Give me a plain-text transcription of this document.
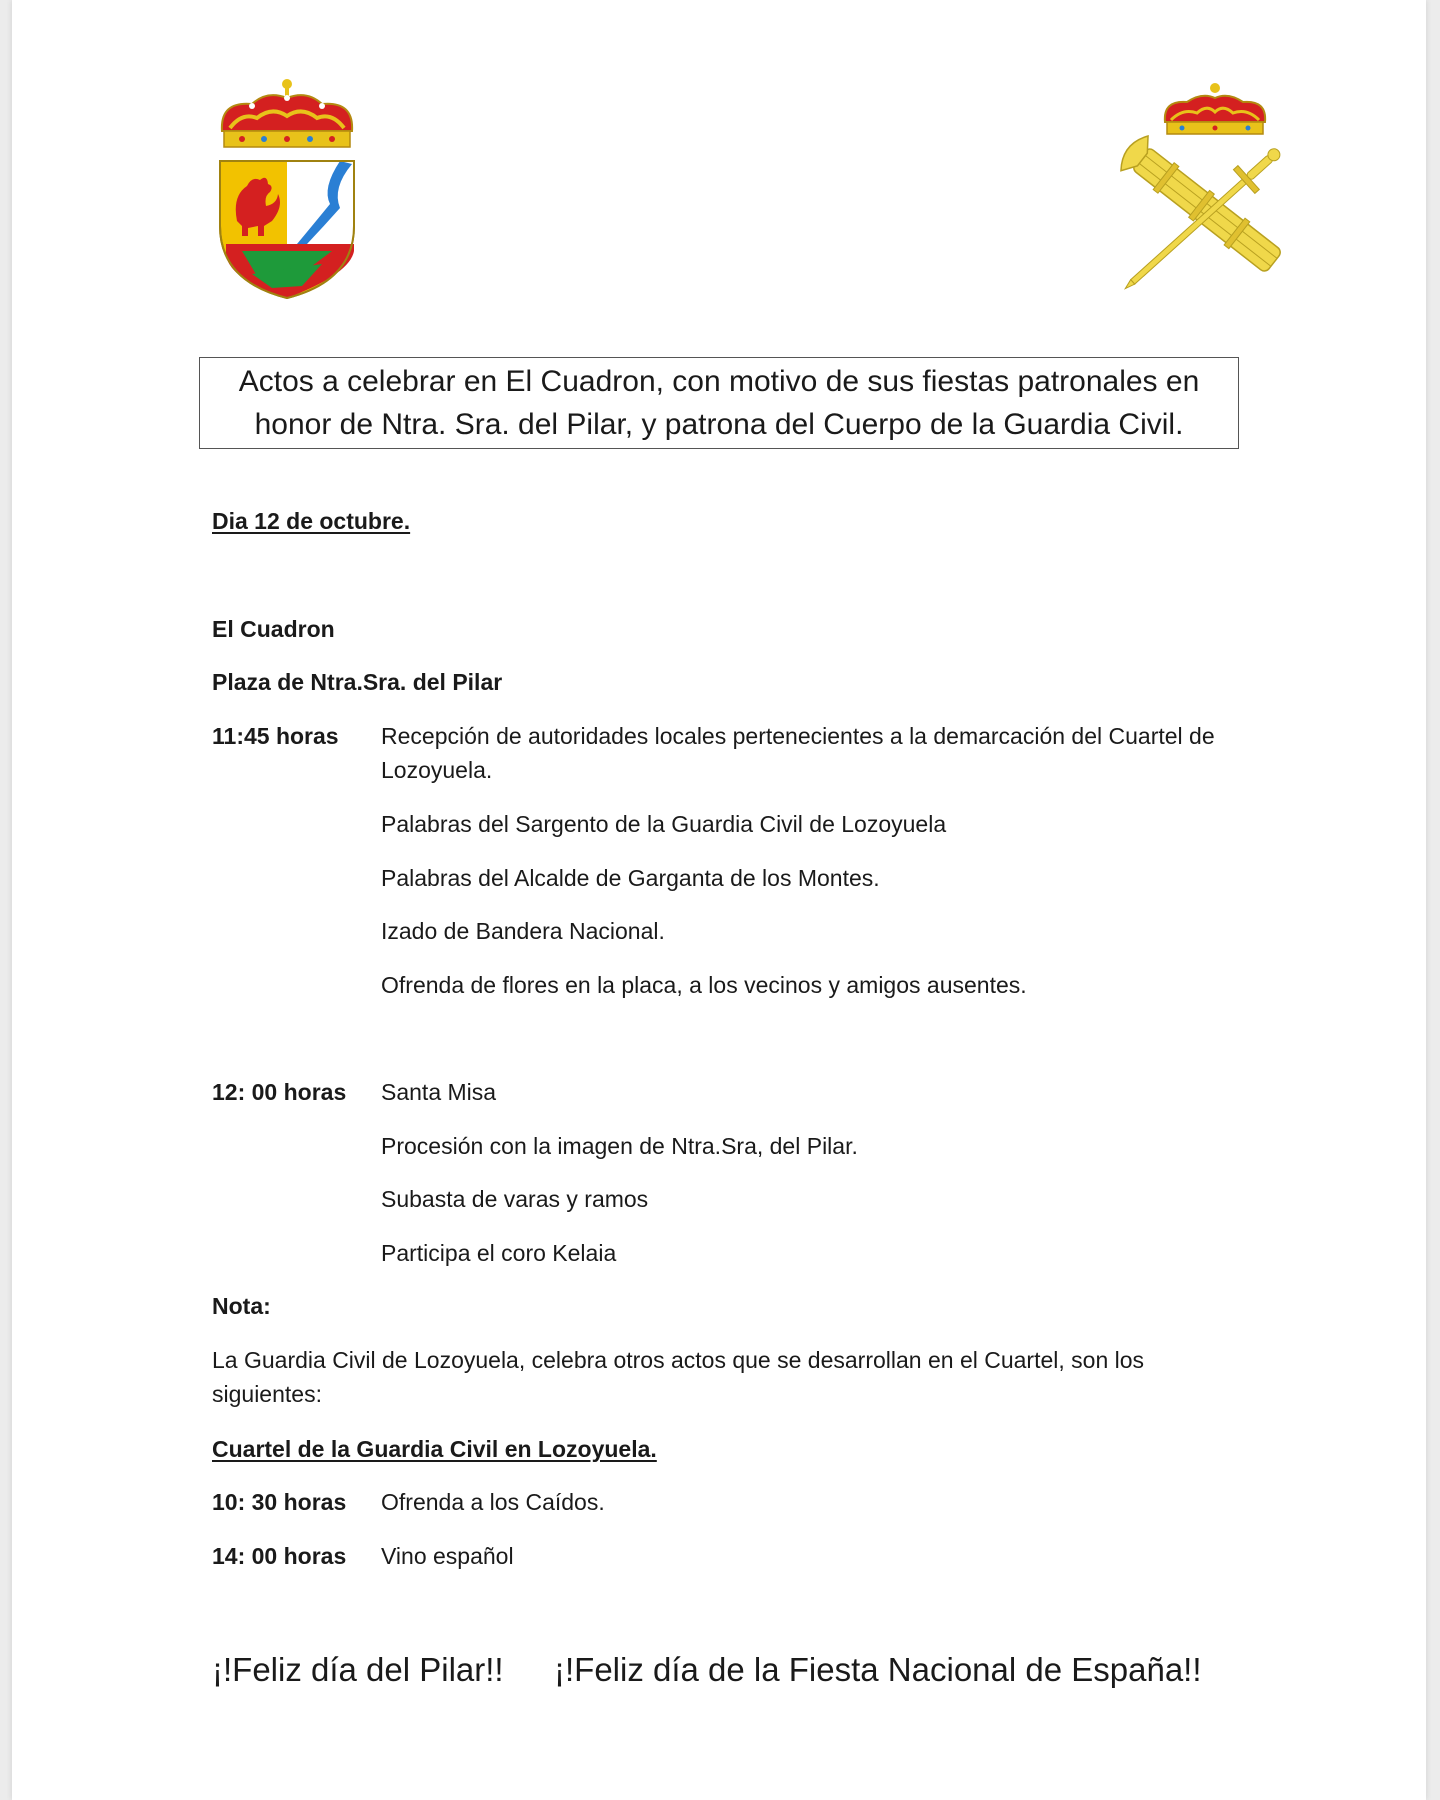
Actos a celebrar en El Cuadron, con motivo de sus fiestas patronales en honor de Ntra. Sra. del Pilar, y patrona del Cuerpo de la Guardia Civil.
Dia 12 de octubre.
El Cuadron
Plaza de Ntra.Sra. del Pilar
11:45 horas Recepción de autoridades locales pertenecientes a la demarcación del Cuartel de Lozoyuela.
Palabras del Sargento de la Guardia Civil de Lozoyuela
Palabras del Alcalde de Garganta de los Montes.
Izado de Bandera Nacional.
Ofrenda de flores en la placa, a los vecinos y amigos ausentes.
12: 00 horas Santa Misa
Procesión con la imagen de Ntra.Sra, del Pilar.
Subasta de varas y ramos
Participa el coro Kelaia
Nota:
La Guardia Civil de Lozoyuela, celebra otros actos que se desarrollan en el Cuartel, son los siguientes:
Cuartel de la Guardia Civil en Lozoyuela.
10: 30 horas Ofrenda a los Caídos.
14: 00 horas Vino español
¡!Feliz día del Pilar!! ¡!Feliz día de la Fiesta Nacional de España!!
